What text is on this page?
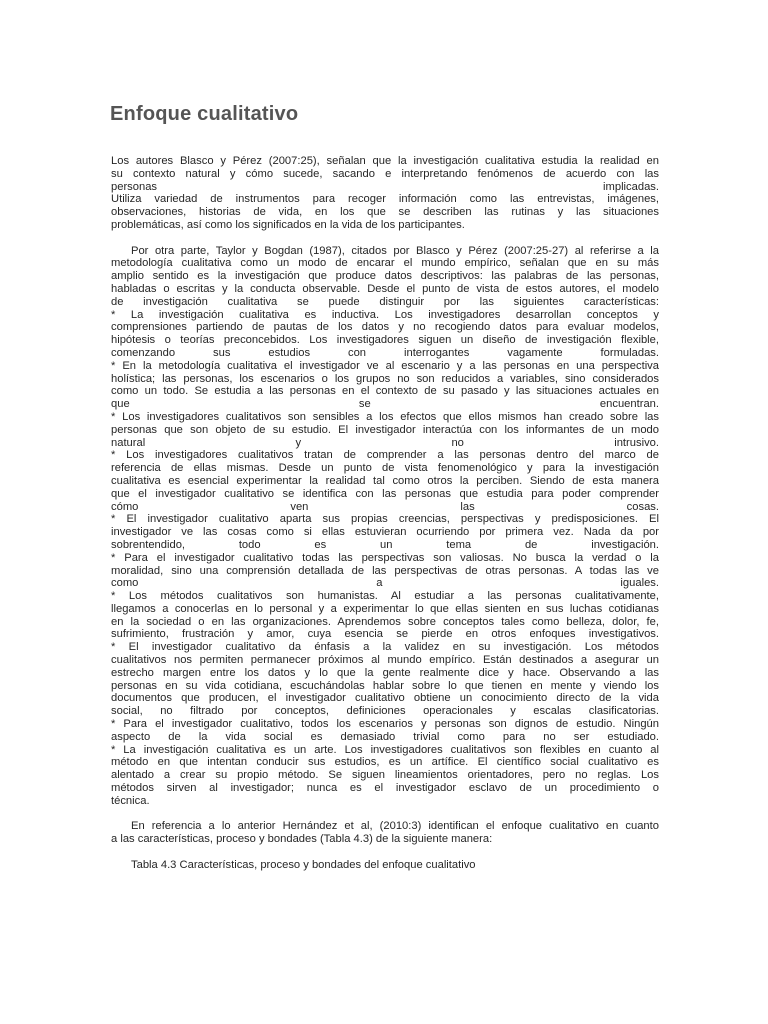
Enfoque cualitativo
Los autores Blasco y Pérez (2007:25), señalan que la investigación cualitativa estudia la realidad en
su contexto natural y cómo sucede, sacando e interpretando fenómenos de acuerdo con las
personas implicadas.
Utiliza variedad de instrumentos para recoger información como las entrevistas, imágenes,
observaciones, historias de vida, en los que se describen las rutinas y las situaciones
problemáticas, así como los significados en la vida de los participantes.
Por otra parte, Taylor y Bogdan (1987), citados por Blasco y Pérez (2007:25-27) al referirse a la
metodología cualitativa como un modo de encarar el mundo empírico, señalan que en su más
amplio sentido es la investigación que produce datos descriptivos: las palabras de las personas,
habladas o escritas y la conducta observable. Desde el punto de vista de estos autores, el modelo
de investigación cualitativa se puede distinguir por las siguientes características:
* La investigación cualitativa es inductiva. Los investigadores desarrollan conceptos y
comprensiones partiendo de pautas de los datos y no recogiendo datos para evaluar modelos,
hipótesis o teorías preconcebidos. Los investigadores siguen un diseño de investigación flexible,
comenzando sus estudios con interrogantes vagamente formuladas.
* En la metodología cualitativa el investigador ve al escenario y a las personas en una perspectiva
holística; las personas, los escenarios o los grupos no son reducidos a variables, sino considerados
como un todo. Se estudia a las personas en el contexto de su pasado y las situaciones actuales en
que se encuentran.
* Los investigadores cualitativos son sensibles a los efectos que ellos mismos han creado sobre las
personas que son objeto de su estudio. El investigador interactúa con los informantes de un modo
natural y no intrusivo.
* Los investigadores cualitativos tratan de comprender a las personas dentro del marco de
referencia de ellas mismas. Desde un punto de vista fenomenológico y para la investigación
cualitativa es esencial experimentar la realidad tal como otros la perciben. Siendo de esta manera
que el investigador cualitativo se identifica con las personas que estudia para poder comprender
cómo ven las cosas.
* El investigador cualitativo aparta sus propias creencias, perspectivas y predisposiciones. El
investigador ve las cosas como si ellas estuvieran ocurriendo por primera vez. Nada da por
sobrentendido, todo es un tema de investigación.
* Para el investigador cualitativo todas las perspectivas son valiosas. No busca la verdad o la
moralidad, sino una comprensión detallada de las perspectivas de otras personas. A todas las ve
como a iguales.
* Los métodos cualitativos son humanistas. Al estudiar a las personas cualitativamente,
llegamos a conocerlas en lo personal y a experimentar lo que ellas sienten en sus luchas cotidianas
en la sociedad o en las organizaciones. Aprendemos sobre conceptos tales como belleza, dolor, fe,
sufrimiento, frustración y amor, cuya esencia se pierde en otros enfoques investigativos.
* El investigador cualitativo da énfasis a la validez en su investigación. Los métodos
cualitativos nos permiten permanecer próximos al mundo empírico. Están destinados a asegurar un
estrecho margen entre los datos y lo que la gente realmente dice y hace. Observando a las
personas en su vida cotidiana, escuchándolas hablar sobre lo que tienen en mente y viendo los
documentos que producen, el investigador cualitativo obtiene un conocimiento directo de la vida
social, no filtrado por conceptos, definiciones operacionales y escalas clasificatorias.
* Para el investigador cualitativo, todos los escenarios y personas son dignos de estudio. Ningún
aspecto de la vida social es demasiado trivial como para no ser estudiado.
* La investigación cualitativa es un arte. Los investigadores cualitativos son flexibles en cuanto al
método en que intentan conducir sus estudios, es un artífice. El científico social cualitativo es
alentado a crear su propio método. Se siguen lineamientos orientadores, pero no reglas. Los
métodos sirven al investigador; nunca es el investigador esclavo de un procedimiento o
técnica.
En referencia a lo anterior Hernández et al, (2010:3) identifican el enfoque cualitativo en cuanto
a las características, proceso y bondades (Tabla 4.3) de la siguiente manera:
Tabla 4.3 Características, proceso y bondades del enfoque cualitativo
